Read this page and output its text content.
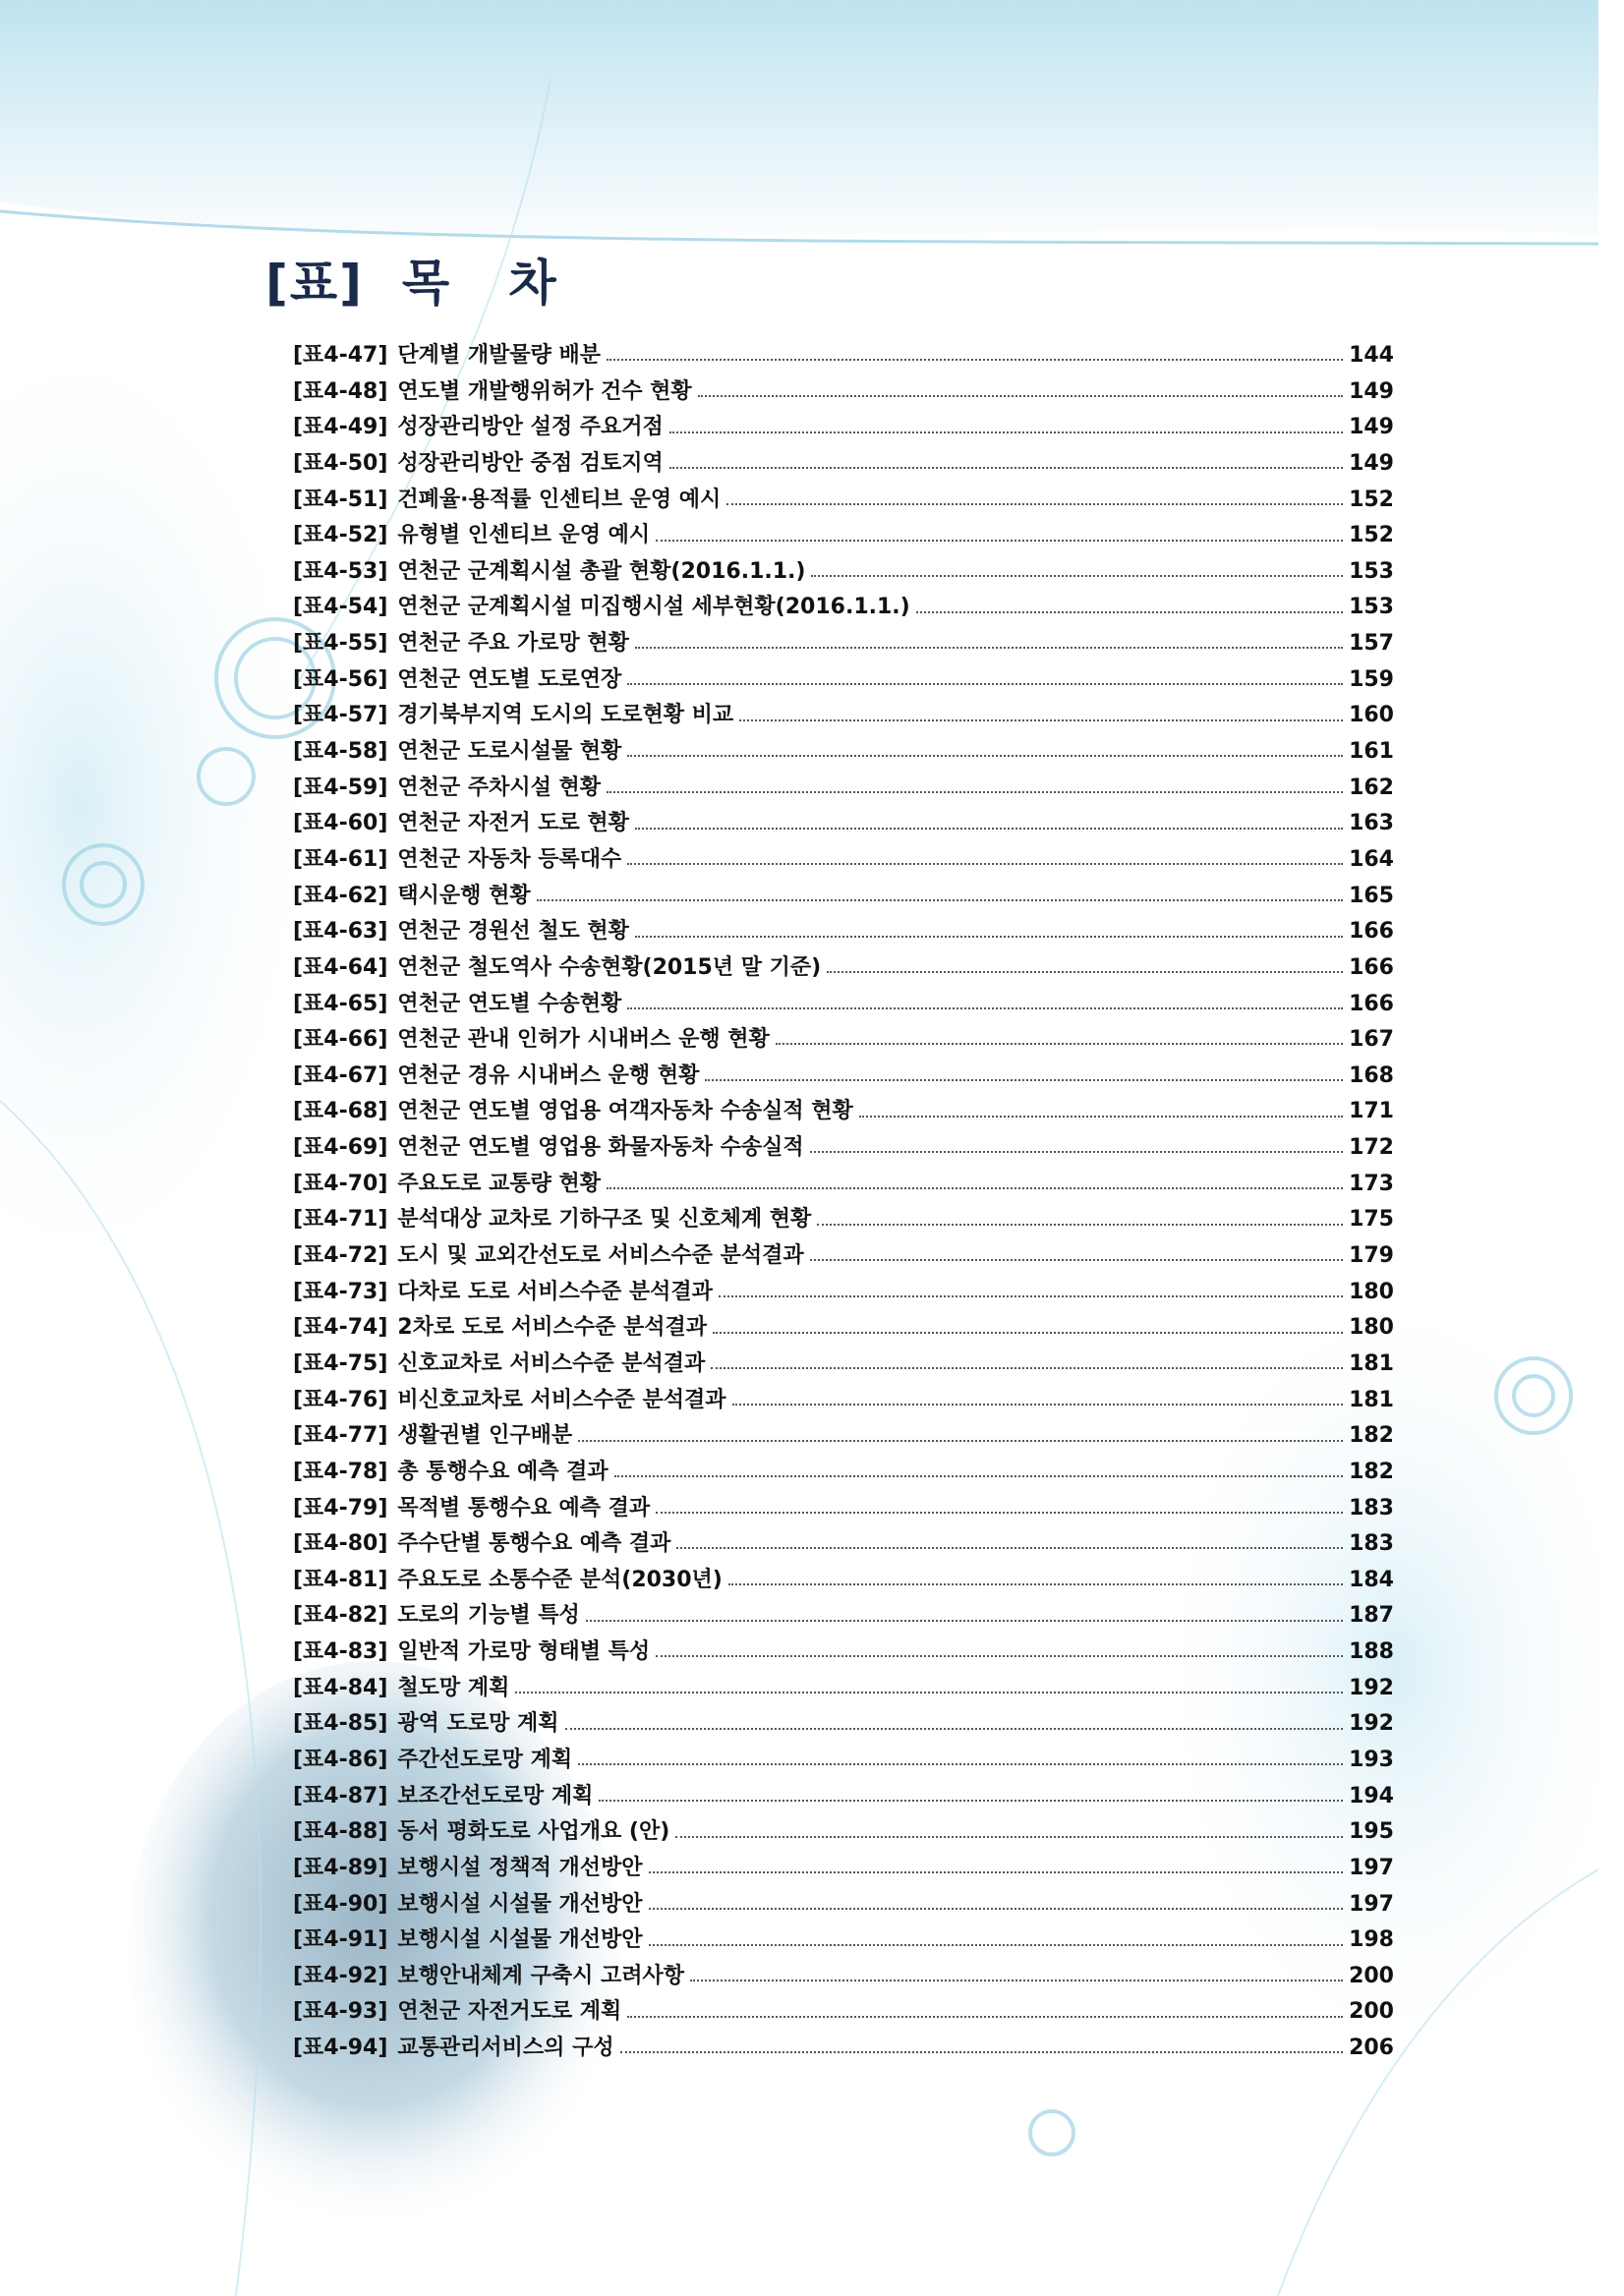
[표]  목   차
[표4-47] 단계별 개발물량 배분	144
[표4-48] 연도별 개발행위허가 건수 현황	149
[표4-49] 성장관리방안 설정 주요거점	149
[표4-50] 성장관리방안 중점 검토지역	149
[표4-51] 건폐율·용적률 인센티브 운영 예시	152
[표4-52] 유형별 인센티브 운영 예시	152
[표4-53] 연천군 군계획시설 총괄 현황(2016.1.1.)	153
[표4-54] 연천군 군계획시설 미집행시설 세부현황(2016.1.1.)	153
[표4-55] 연천군 주요 가로망 현황	157
[표4-56] 연천군 연도별 도로연장	159
[표4-57] 경기북부지역 도시의 도로현황 비교	160
[표4-58] 연천군 도로시설물 현황	161
[표4-59] 연천군 주차시설 현황	162
[표4-60] 연천군 자전거 도로 현황	163
[표4-61] 연천군 자동차 등록대수	164
[표4-62] 택시운행 현황	165
[표4-63] 연천군 경원선 철도 현황	166
[표4-64] 연천군 철도역사 수송현황(2015년 말 기준)	166
[표4-65] 연천군 연도별 수송현황	166
[표4-66] 연천군 관내 인허가 시내버스 운행 현황	167
[표4-67] 연천군 경유 시내버스 운행 현황	168
[표4-68] 연천군 연도별 영업용 여객자동차 수송실적 현황	171
[표4-69] 연천군 연도별 영업용 화물자동차 수송실적	172
[표4-70] 주요도로 교통량 현황	173
[표4-71] 분석대상 교차로 기하구조 및 신호체계 현황	175
[표4-72] 도시 및 교외간선도로 서비스수준 분석결과	179
[표4-73] 다차로 도로 서비스수준 분석결과	180
[표4-74] 2차로 도로 서비스수준 분석결과	180
[표4-75] 신호교차로 서비스수준 분석결과	181
[표4-76] 비신호교차로 서비스수준 분석결과	181
[표4-77] 생활권별 인구배분	182
[표4-78] 총 통행수요 예측 결과	182
[표4-79] 목적별 통행수요 예측 결과	183
[표4-80] 주수단별 통행수요 예측 결과	183
[표4-81] 주요도로 소통수준 분석(2030년)	184
[표4-82] 도로의 기능별 특성	187
[표4-83] 일반적 가로망 형태별 특성	188
[표4-84] 철도망 계획	192
[표4-85] 광역 도로망 계획	192
[표4-86] 주간선도로망 계획	193
[표4-87] 보조간선도로망 계획	194
[표4-88] 동서 평화도로 사업개요 (안)	195
[표4-89] 보행시설 정책적 개선방안	197
[표4-90] 보행시설 시설물 개선방안	197
[표4-91] 보행시설 시설물 개선방안	198
[표4-92] 보행안내체계 구축시 고려사항	200
[표4-93] 연천군 자전거도로 계획	200
[표4-94] 교통관리서비스의 구성	206
